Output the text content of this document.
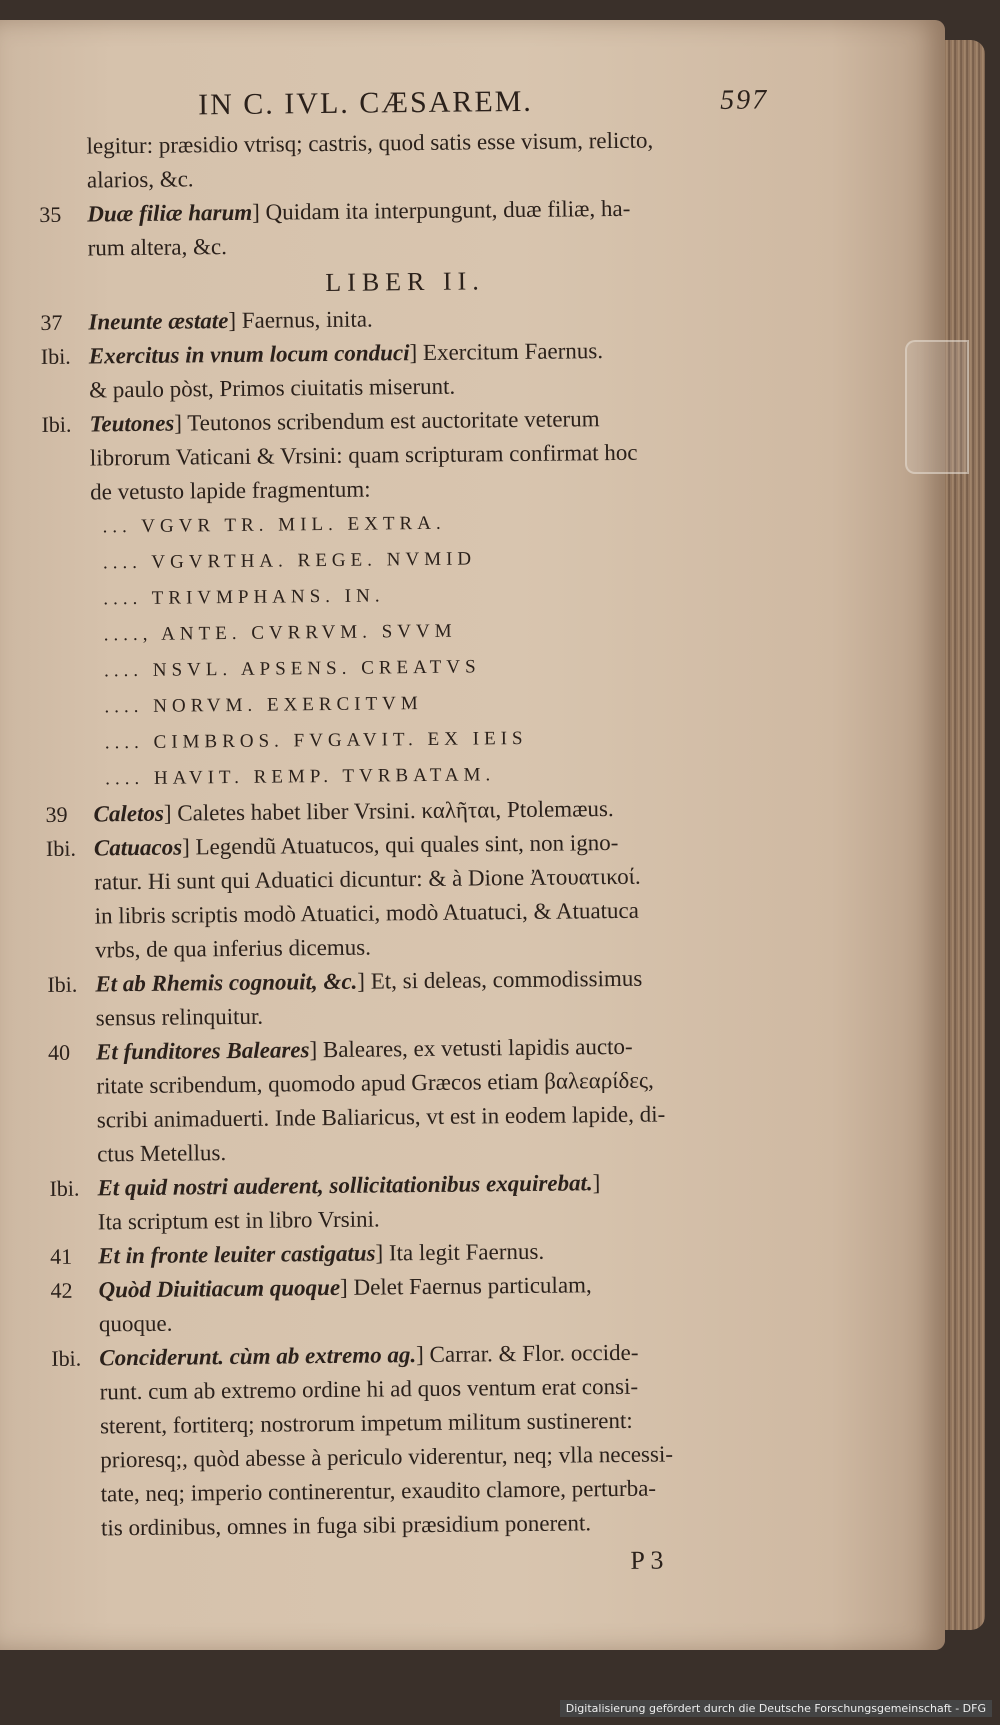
IN C. IVL. CÆSAREM.	597
legitur: præsidio vtrisq; castris, quod satis esse visum, relicto,
alarios, &c.
35 Duæ filiæ harum] Quidam ita interpungunt, duæ filiæ, ha-
rum altera, &c.
LIBER II.
37 Ineunte æstate] Faernus, inita.
Ibi. Exercitus in vnum locum conduci] Exercitum Faernus.
& paulo pòst, Primos ciuitatis miserunt.
Ibi. Teutones] Teutonos scribendum est auctoritate veterum
librorum Vaticani & Vrsini: quam scripturam confirmat hoc
de vetusto lapide fragmentum:
... VGVR TR. MIL. EXTRA.
.... VGVRTHA. REGE. NVMID
.... TRIVMPHANS. IN.
...., ANTE. CVRRVM. SVVM
.... NSVL. APSENS. CREATVS
.... NORVM. EXERCITVM
.... CIMBROS. FVGAVIT. EX IEIS
.... HAVIT. REMP. TVRBATAM.
39 Caletos] Caletes habet liber Vrsini. καλῆται, Ptolemæus.
Ibi. Catuacos] Legendũ Atuatucos, qui quales sint, non igno-
ratur. Hi sunt qui Aduatici dicuntur: & à Dione Ἀτουατικοί.
in libris scriptis modò Atuatici, modò Atuatuci, & Atuatuca
vrbs, de qua inferius dicemus.
Ibi. Et ab Rhemis cognouit, &c.] Et, si deleas, commodissimus
sensus relinquitur.
40 Et funditores Baleares] Baleares, ex vetusti lapidis aucto-
ritate scribendum, quomodo apud Græcos etiam βαλεαρίδες,
scribi animaduerti. Inde Baliaricus, vt est in eodem lapide, di-
ctus Metellus.
Ibi. Et quid nostri auderent, sollicitationibus exquirebat.]
Ita scriptum est in libro Vrsini.
41 Et in fronte leuiter castigatus] Ita legit Faernus.
42 Quòd Diuitiacum quoque] Delet Faernus particulam,
quoque.
Ibi. Conciderunt. cùm ab extremo ag.] Carrar. & Flor. occide-
runt. cum ab extremo ordine hi ad quos ventum erat consi-
sterent, fortiterq; nostrorum impetum militum sustinerent:
prioresq;, quòd abesse à periculo viderentur, neq; vlla necessi-
tate, neq; imperio continerentur, exaudito clamore, perturba-
tis ordinibus, omnes in fuga sibi præsidium ponerent.
P 3
Digitalisierung gefördert durch die Deutsche Forschungsgemeinschaft - DFG
